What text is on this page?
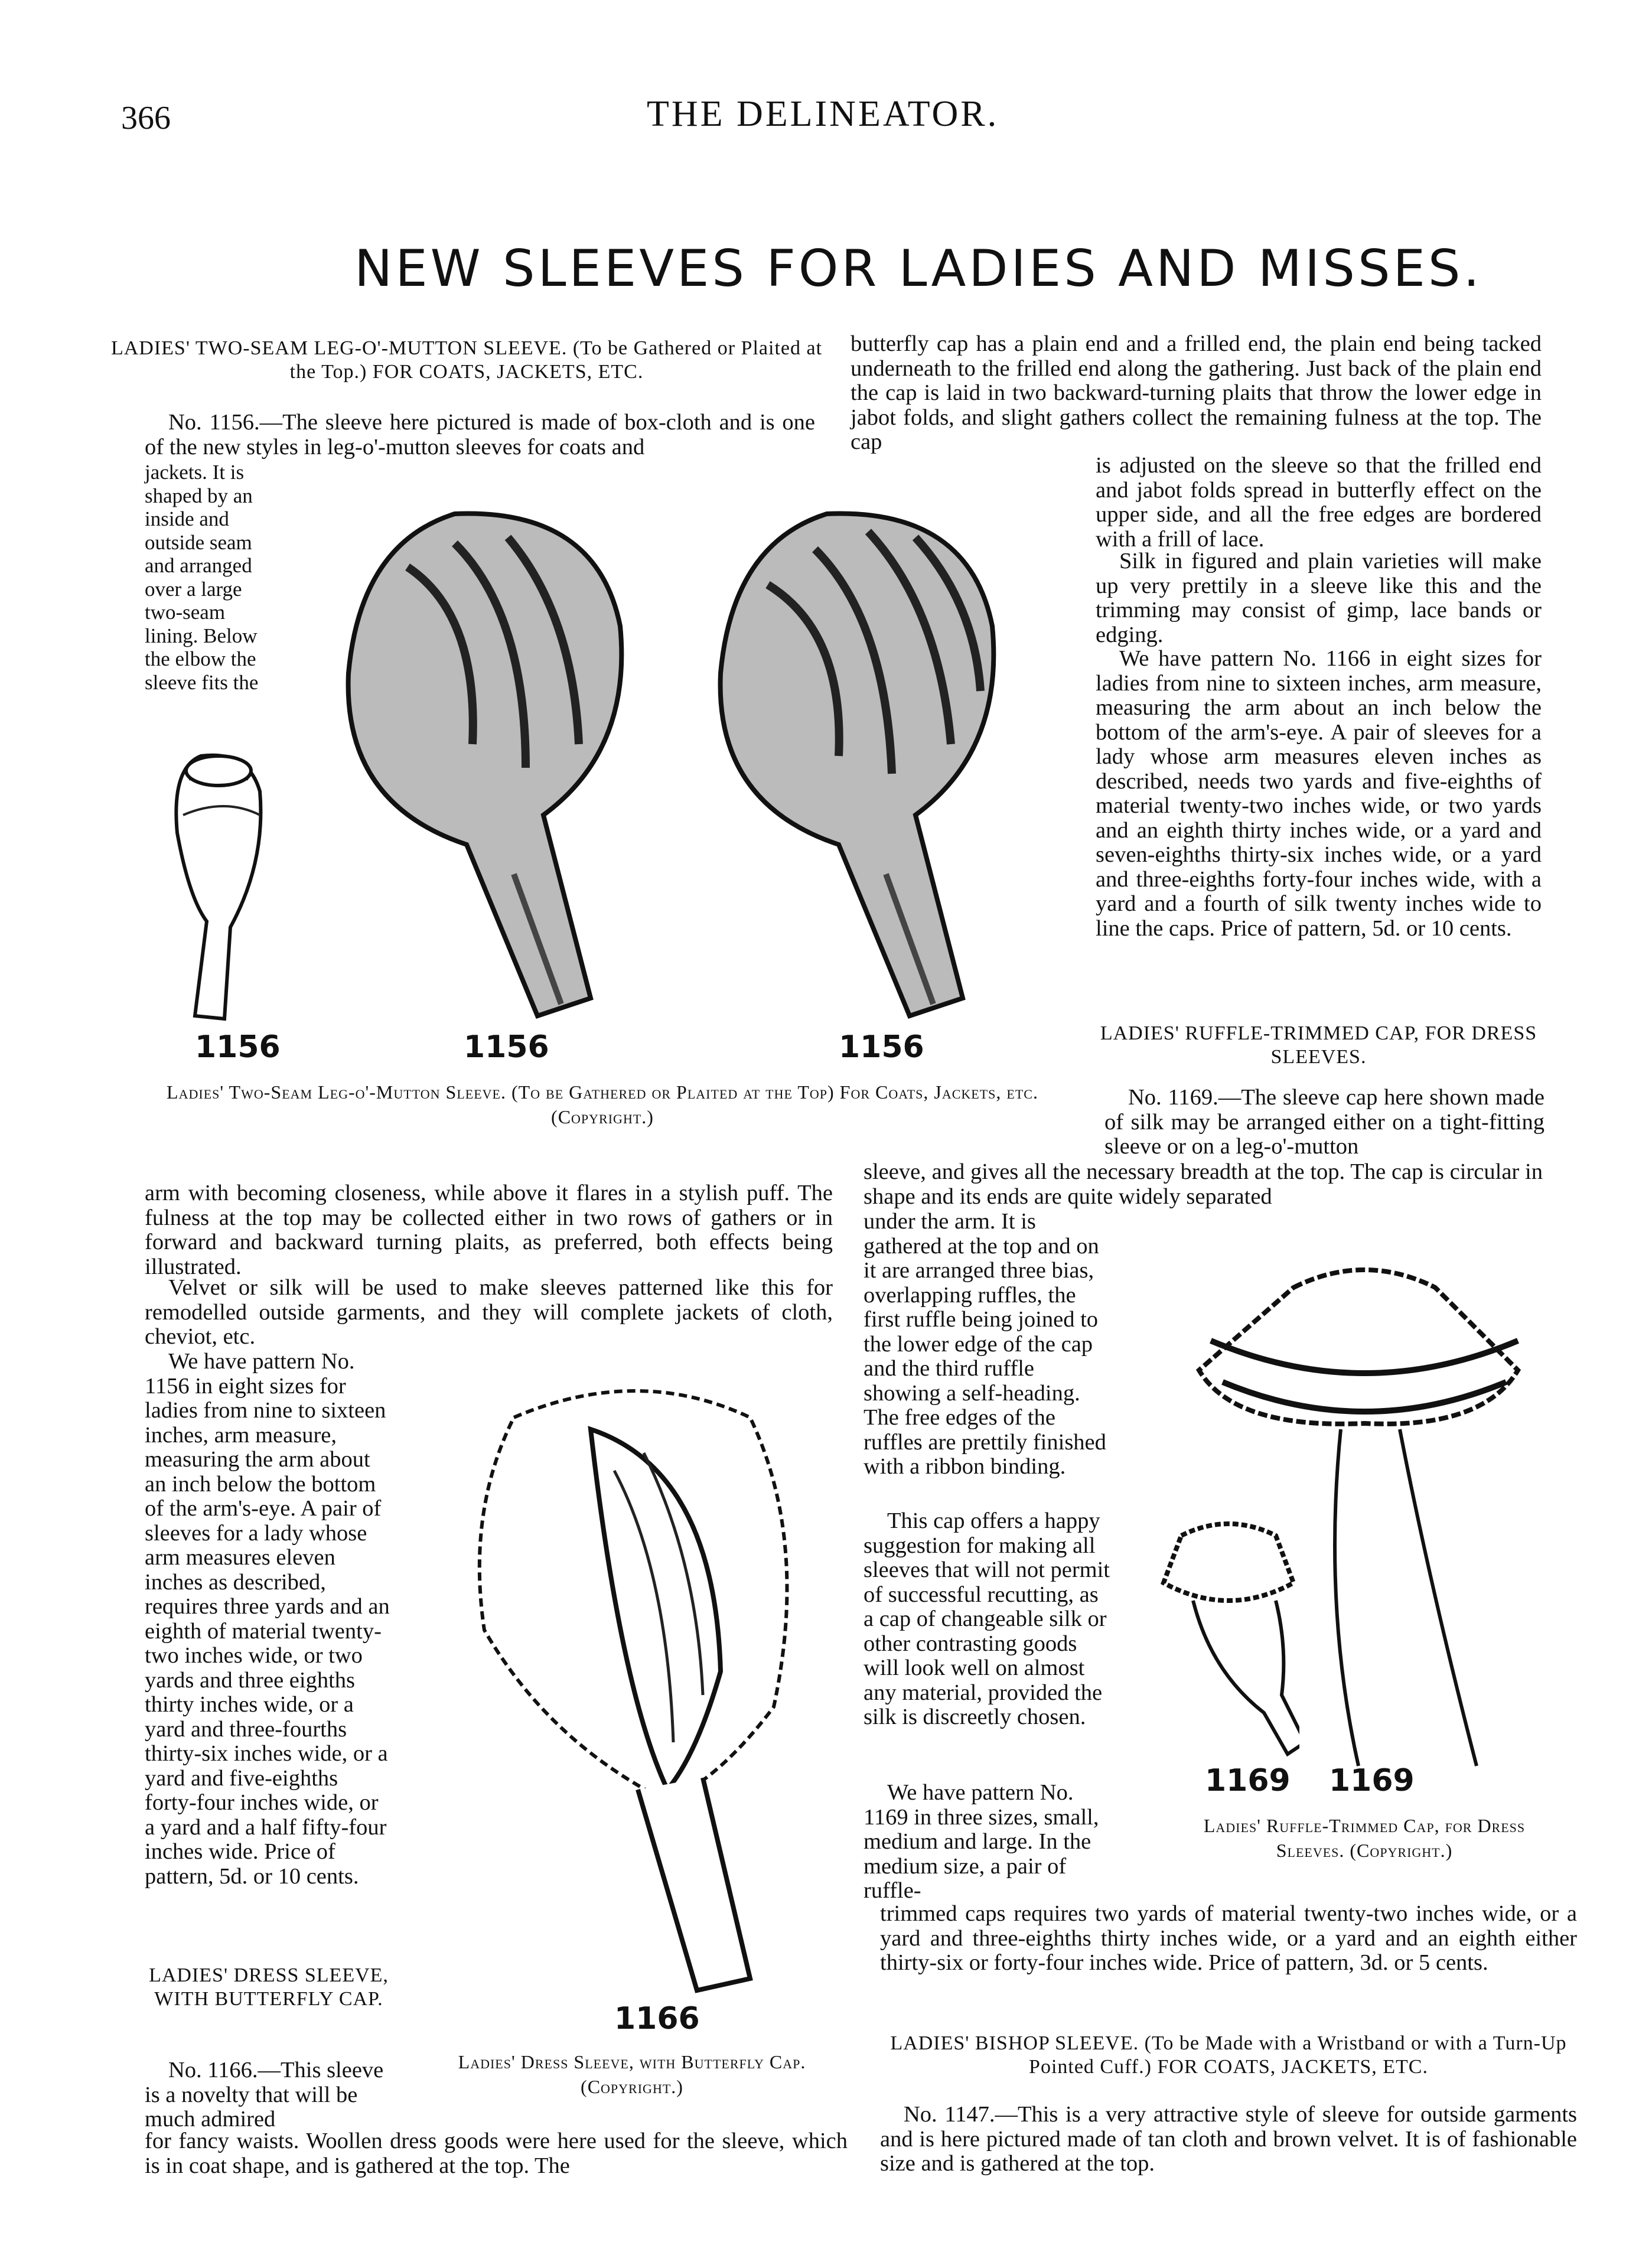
366	THE DELINEATOR.
NEW SLEEVES FOR LADIES AND MISSES.
LADIES' TWO-SEAM LEG-O'-MUTTON SLEEVE. (To be Gathered or Plaited at the Top.) FOR COATS, JACKETS, ETC.
No. 1156.—The sleeve here pictured is made of box-cloth and is one of the new styles in leg-o'-mutton sleeves for coats and
jackets. It is shaped by an inside and outside seam and arranged over a large two-seam lining. Below the elbow the sleeve fits the
butterfly cap has a plain end and a frilled end, the plain end being tacked underneath to the frilled end along the gathering. Just back of the plain end the cap is laid in two backward-turning plaits that throw the lower edge in jabot folds, and slight gathers collect the remaining fulness at the top. The cap
is adjusted on the sleeve so that the frilled end and jabot folds spread in butterfly effect on the upper side, and all the free edges are bordered with a frill of lace.
Silk in figured and plain varieties will make up very prettily in a sleeve like this and the trimming may consist of gimp, lace bands or edging.
We have pattern No. 1166 in eight sizes for ladies from nine to sixteen inches, arm measure, measuring the arm about an inch below the bottom of the arm's-eye. A pair of sleeves for a lady whose arm measures eleven inches as described, needs two yards and five-eighths of material twenty-two inches wide, or two yards and an eighth thirty inches wide, or a yard and seven-eighths thirty-six inches wide, or a yard and three-eighths forty-four inches wide, with a yard and a fourth of silk twenty inches wide to line the caps. Price of pattern, 5d. or 10 cents.
1156	1156	1156
Ladies' Two-Seam Leg-o'-Mutton Sleeve. (To be Gathered or Plaited at the Top) For Coats, Jackets, etc. (Copyright.)
LADIES' RUFFLE-TRIMMED CAP, FOR DRESS SLEEVES.
No. 1169.—The sleeve cap here shown made of silk may be arranged either on a tight-fitting sleeve or on a leg-o'-mutton
sleeve, and gives all the necessary breadth at the top. The cap is circular in shape and its ends are quite widely separated
under the arm. It is gathered at the top and on it are arranged three bias, overlapping ruffles, the first ruffle being joined to the lower edge of the cap and the third ruffle showing a self-heading. The free edges of the ruffles are prettily finished with a ribbon binding.
This cap offers a happy suggestion for making all sleeves that will not permit of successful recutting, as a cap of changeable silk or other contrasting goods will look well on almost any material, provided the silk is discreetly chosen.
We have pattern No. 1169 in three sizes, small, medium and large. In the medium size, a pair of ruffle-
trimmed caps requires two yards of material twenty-two inches wide, or a yard and three-eighths thirty inches wide, or a yard and an eighth either thirty-six or forty-four inches wide. Price of pattern, 3d. or 5 cents.
arm with becoming closeness, while above it flares in a stylish puff. The fulness at the top may be collected either in two rows of gathers or in forward and backward turning plaits, as preferred, both effects being illustrated.
Velvet or silk will be used to make sleeves patterned like this for remodelled outside garments, and they will complete jackets of cloth, cheviot, etc.
We have pattern No. 1156 in eight sizes for ladies from nine to sixteen inches, arm measure, measuring the arm about an inch below the bottom of the arm's-eye. A pair of sleeves for a lady whose arm measures eleven inches as described, requires three yards and an eighth of material twenty-two inches wide, or two yards and three eighths thirty inches wide, or a yard and three-fourths thirty-six inches wide, or a yard and five-eighths forty-four inches wide, or a yard and a half fifty-four inches wide. Price of pattern, 5d. or 10 cents.
LADIES' DRESS SLEEVE, WITH BUTTERFLY CAP.
No. 1166.—This sleeve is a novelty that will be much admired
for fancy waists. Woollen dress goods were here used for the sleeve, which is in coat shape, and is gathered at the top. The
1166
Ladies' Dress Sleeve, with Butterfly Cap. (Copyright.)
1169 1169
Ladies' Ruffle-Trimmed Cap, for Dress Sleeves. (Copyright.)
LADIES' BISHOP SLEEVE. (To be Made with a Wristband or with a Turn-Up Pointed Cuff.) FOR COATS, JACKETS, ETC.
No. 1147.—This is a very attractive style of sleeve for outside garments and is here pictured made of tan cloth and brown velvet. It is of fashionable size and is gathered at the top.
